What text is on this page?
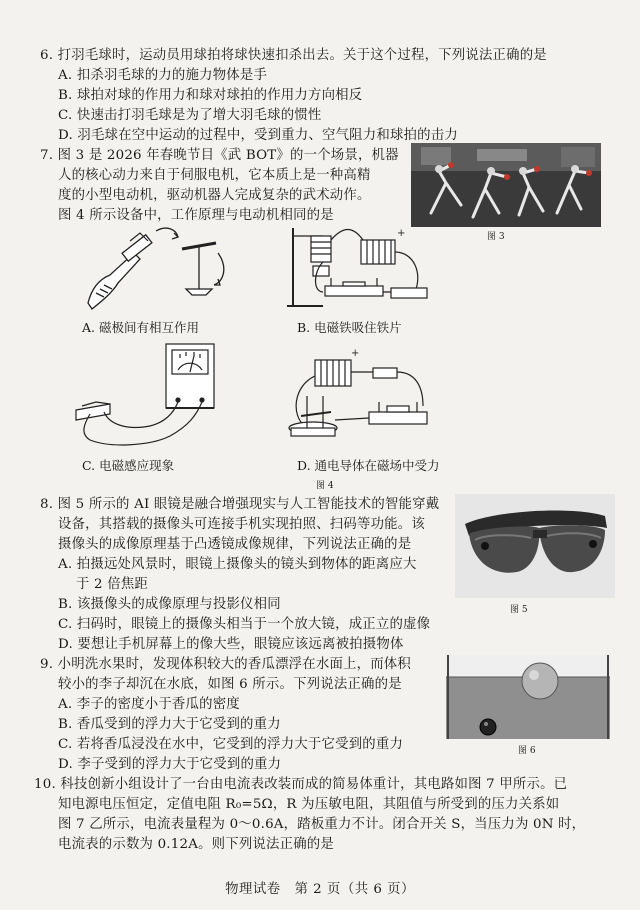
6. 打羽毛球时，运动员用球拍将球快速扣杀出去。关于这个过程，下列说法正确的是
A. 扣杀羽毛球的力的施力物体是手
B. 球拍对球的作用力和球对球拍的作用力方向相反
C. 快速击打羽毛球是为了增大羽毛球的惯性
D. 羽毛球在空中运动的过程中，受到重力、空气阻力和球拍的击力
7. 图 3 是 2026 年春晚节目《武 BOT》的一个场景，机器
人的核心动力来自于伺服电机，它本质上是一种高精
度的小型电动机，驱动机器人完成复杂的武术动作。
图 4 所示设备中，工作原理与电动机相同的是
图 3
A. 磁极间有相互作用
+
B. 电磁铁吸住铁片
C. 电磁感应现象
+
D. 通电导体在磁场中受力
图 4
8. 图 5 所示的 AI 眼镜是融合增强现实与人工智能技术的智能穿戴
设备，其搭载的摄像头可连接手机实现拍照、扫码等功能。该
摄像头的成像原理基于凸透镜成像规律，下列说法正确的是
A. 拍摄远处风景时，眼镜上摄像头的镜头到物体的距离应大
于 2 倍焦距
B. 该摄像头的成像原理与投影仪相同
C. 扫码时，眼镜上的摄像头相当于一个放大镜，成正立的虚像
D. 要想让手机屏幕上的像大些，眼镜应该远离被拍摄物体
图 5
9. 小明洗水果时，发现体积较大的香瓜漂浮在水面上，而体积
较小的李子却沉在水底，如图 6 所示。下列说法正确的是
A. 李子的密度小于香瓜的密度
B. 香瓜受到的浮力大于它受到的重力
C. 若将香瓜浸没在水中，它受到的浮力大于它受到的重力
D. 李子受到的浮力大于它受到的重力
图 6
10. 科技创新小组设计了一台由电流表改装而成的简易体重计，其电路如图 7 甲所示。已
知电源电压恒定，定值电阻 R₀=5Ω，R 为压敏电阻，其阻值与所受到的压力关系如
图 7 乙所示，电流表量程为 0～0.6A，踏板重力不计。闭合开关 S，当压力为 0N 时，
电流表的示数为 0.12A。则下列说法正确的是
物理试卷　第 2 页（共 6 页）
